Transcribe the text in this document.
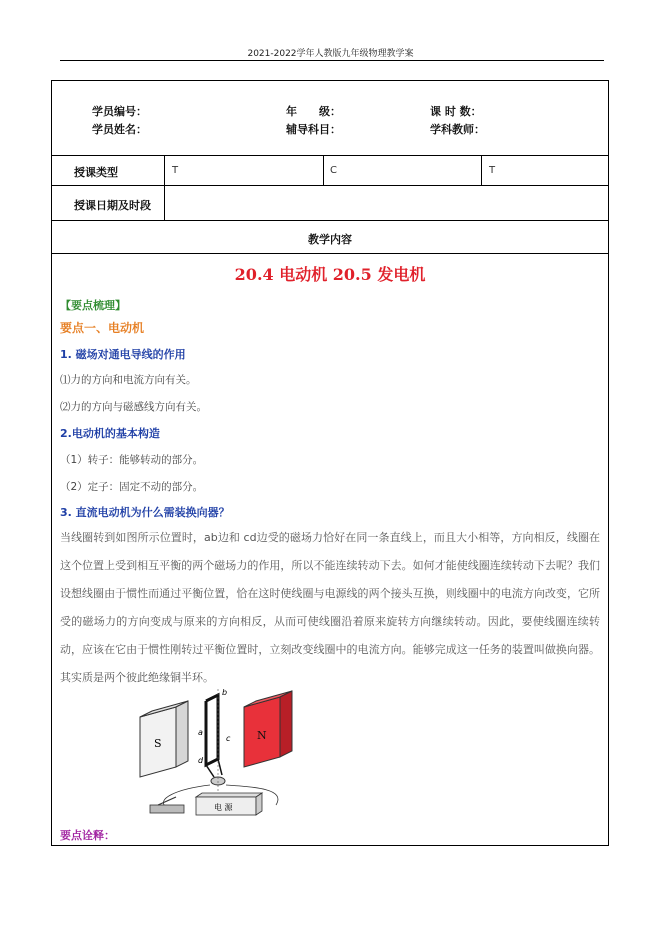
2021-2022学年人教版九年级物理教学案
学员编号：	年　　级：	课 时 数：
学员姓名：	辅导科目：	学科教师：
授课类型	T	C	T
授课日期及时段
教学内容
20.4 电动机 20.5 发电机
【要点梳理】
要点一、电动机
1. 磁场对通电导线的作用
⑴力的方向和电流方向有关。
⑵力的方向与磁感线方向有关。
2.电动机的基本构造
（1）转子：能够转动的部分。
（2）定子：固定不动的部分。
3. 直流电动机为什么需装换向器？
当线圈转到如图所示位置时，ab边和 cd边受的磁场力恰好在同一条直线上，而且大小相等，方向相反，线圈在这个位置上受到相互平衡的两个磁场力的作用，所以不能连续转动下去。如何才能使线圈连续转动下去呢？我们设想线圈由于惯性而通过平衡位置，恰在这时使线圈与电源线的两个接头互换，则线圈中的电流方向改变，它所受的磁场力的方向变成与原来的方向相反，从而可使线圈沿着原来旋转方向继续转动。因此，要使线圈连续转动，应该在它由于惯性刚转过平衡位置时，立刻改变线圈中的电流方向。能够完成这一任务的装置叫做换向器。其实质是两个彼此绝缘铜半环。
S
N
a
b
c
d
电 源
要点诠释：
